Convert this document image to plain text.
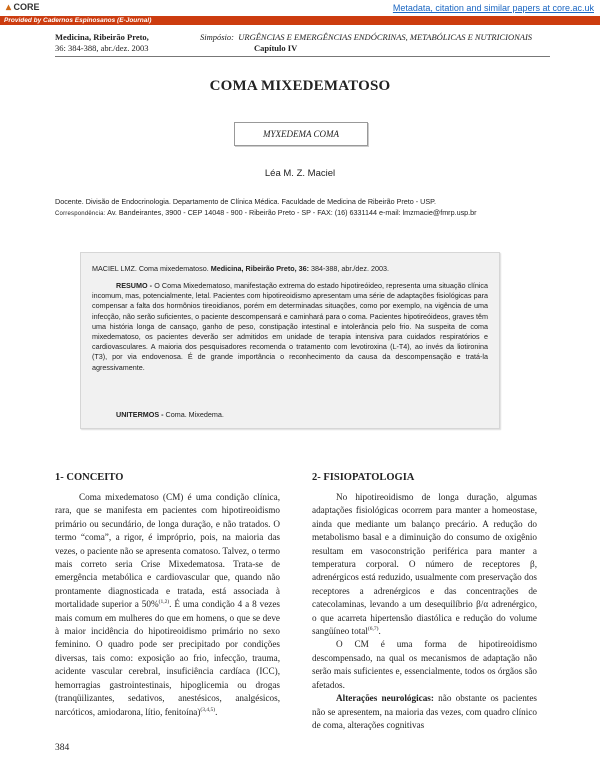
▴ CORE	Metadata, citation and similar papers at core.ac.uk
Provided by Cadernos Espinosanos (E-Journal)
Medicina, Ribeirão Preto,
36: 384-388, abr./dez. 2003
Simpósio: URGÊNCIAS E EMERGÊNCIAS ENDÓCRINAS, METABÓLICAS E NUTRICIONAIS
Capítulo IV
COMA MIXEDEMATOSO
MYXEDEMA COMA
Léa M. Z. Maciel
Docente. Divisão de Endocrinologia. Departamento de Clínica Médica. Faculdade de Medicina de Ribeirão Preto - USP.
Correspondência: Av. Bandeirantes, 3900 - CEP 14048 - 900 - Ribeirão Preto - SP - FAX: (16) 6331144 e-mail: lmzmacie@fmrp.usp.br
MACIEL LMZ. Coma mixedematoso. Medicina, Ribeirão Preto, 36: 384-388, abr./dez. 2003.
RESUMO - O Coma Mixedematoso, manifestação extrema do estado hipotireóideo, representa uma situação clínica incomum, mas, potencialmente, letal. Pacientes com hipotireoidismo apresentam uma série de adaptações fisiológicas para compensar a falta dos hormônios tireoidianos, porém em determinadas situações, como por exemplo, na vigência de uma infecção, não serão suficientes, o paciente descompensará e caminhará para o coma. Pacientes hipotireóideos, graves têm uma história longa de cansaço, ganho de peso, constipação intestinal e intolerância pelo frio. Na suspeita de coma mixedematoso, os pacientes deverão ser admitidos em unidade de terapia intensiva para cuidados respiratórios e cardiovasculares. A maioria dos pesquisadores recomenda o tratamento com levotiroxina (L-T4), ao invés da liotironina (T3), por via endovenosa. É de grande importância o reconhecimento da causa da descompensação e tratá-la agressivamente.
UNITERMOS - Coma. Mixedema.
1- CONCEITO

Coma mixedematoso (CM) é uma condição clínica, rara, que se manifesta em pacientes com hipotireoidismo primário ou secundário, de longa duração, e não tratados. O termo “coma”, a rigor, é impróprio, pois, na maioria das vezes, o paciente não se apresenta comatoso. Talvez, o termo mais correto seria Crise Mixedematosa. Trata-se de emergência metabólica e cardiovascular que, quando não prontamente diagnosticada e tratada, está associada à mortalidade superior a 50%$^{(1,2)}$. É uma condição 4 a 8 vezes mais comum em mulheres do que em homens, o que se deve à maior incidência do hipotireoidismo primário no sexo feminino. O quadro pode ser precipitado por condições diversas, tais como: exposição ao frio, infecção, trauma, acidente vascular cerebral, insuficiência cardíaca (ICC), hemorragias gastrointestinais, hipoglicemia ou drogas (tranqüilizantes, sedativos, anestésicos, analgésicos, narcóticos, amiodarona, lítio, fenitoína)$^{(3,4,5)}$.

2- FISIOPATOLOGIA

No hipotireoidismo de longa duração, algumas adaptações fisiológicas ocorrem para manter a homeostase, ainda que mediante um balanço precário. A redução do metabolismo basal e a diminuição do consumo de oxigênio resultam em vasoconstrição periférica para manter a temperatura corporal. O número de receptores β, adrenérgicos está reduzido, usualmente com preservação dos receptores a adrenérgicos e das concentrações de catecolaminas, levando a um desequilíbrio β/α adrenérgico, o que acarreta hipertensão diastólica e redução do volume sangüíneo total$^{(6,7)}$.

O CM é uma forma de hipotireoidismo descompensado, na qual os mecanismos de adaptação não serão mais suficientes e, essencialmente, todos os órgãos são afetados.

Alterações neurológicas: não obstante os pacientes não se apresentem, na maioria das vezes, com quadro clínico de coma, alterações cognitivas

384
